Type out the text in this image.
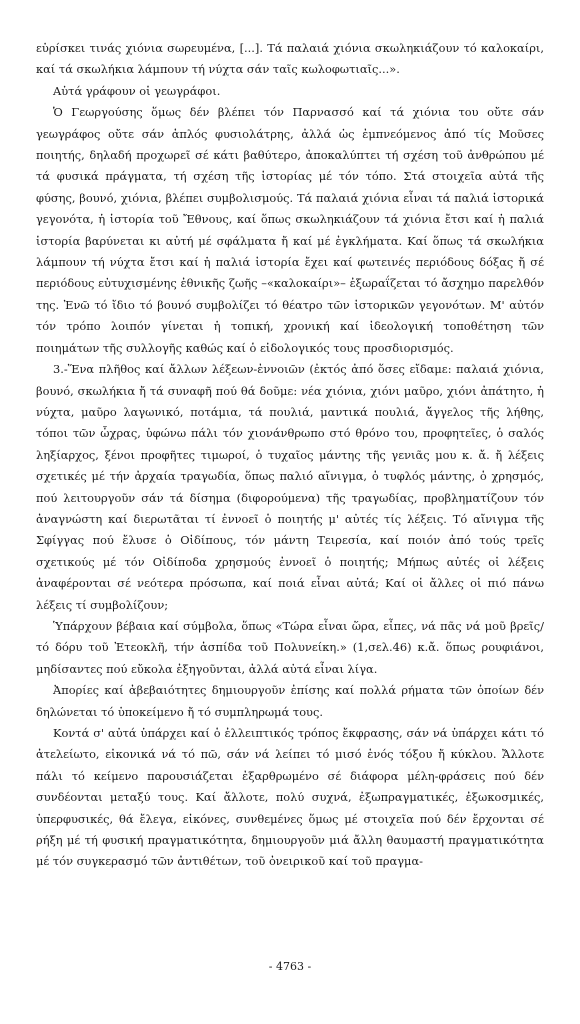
εὑρίσκει τινάς χιόνια σωρευμένα, [...]. Τά παλαιά χιόνια σκωληκιάζουν τό καλοκαίρι, καί τά σκωλήκια λάμπουν τή νύχτα σάν ταῖς κωλοφωτιαῖς...».

Αὐτά γράφουν οἱ γεωγράφοι.

Ὁ Γεωργούσης ὅμως δέν βλέπει τόν Παρνασσό καί τά χιόνια του οὔτε σάν γεωγράφος οὔτε σάν ἁπλός φυσιολάτρης, ἀλλά ὡς ἐμπνεόμενος ἀπό τίς Μοῦσες ποιητής, δηλαδή προχωρεῖ σέ κάτι βαθύτερο, ἀποκαλύπτει τή σχέση τοῦ ἀνθρώπου μέ τά φυσικά πράγματα, τή σχέση τῆς ἱστορίας μέ τόν τόπο. Στά στοιχεῖα αὐτά τῆς φύσης, βουνό, χιόνια, βλέπει συμβολισμούς. Τά παλαιά χιόνια εἶναι τά παλιά ἱστορικά γεγονότα, ἡ ἱστορία τοῦ Ἔθνους, καί ὅπως σκωληκιάζουν τά χιόνια ἔτσι καί ἡ παλιά ἱστορία βαρύνεται κι αὐτή μέ σφάλματα ἤ καί μέ ἐγκλήματα. Καί ὅπως τά σκωλήκια λάμπουν τή νύχτα ἔτσι καί ἡ παλιά ἱστορία ἔχει καί φωτεινές περιόδους δόξας ἤ σέ περιόδους εὐτυχισμένης ἐθνικῆς ζωῆς –«καλοκαίρι»– ἐξωραΐζεται τό ἄσχημο παρελθόν της. Ἐνῶ τό ἴδιο τό βουνό συμβολίζει τό θέατρο τῶν ἱστορικῶν γεγονότων. Μ' αὐτόν τόν τρόπο λοιπόν γίνεται ἡ τοπική, χρονική καί ἰδεολογική τοποθέτηση τῶν ποιημάτων τῆς συλλογῆς καθώς καί ὁ εἰδολογικός τους προσδιορισμός.

3.-Ἕνα πλῆθος καί ἄλλων λέξεων-ἐννοιῶν (ἐκτός ἀπό ὅσες εἴδαμε: παλαιά χιόνια, βουνό, σκωλήκια ἤ τά συναφῆ πού θά δοῦμε: νέα χιόνια, χιόνι μαῦρο, χιόνι ἀπάτητο, ἡ νύχτα, μαῦρο λαγωνικό, ποτάμια, τά πουλιά, μαντικά πουλιά, ἄγγελος τῆς λήθης, τόποι τῶν ὧχρας, ὑφώνω πάλι τόν χιονάνθρωπο στό θρόνο του, προφητεῖες, ὁ σαλός ληξίαρχος, ξένοι προφῆτες τιμωροί, ὁ τυχαῖος μάντης τῆς γενιᾶς μου κ. ἄ. ἤ λέξεις σχετικές μέ τήν ἀρχαία τραγωδία, ὅπως παλιό αἴνιγμα, ὁ τυφλός μάντης, ὁ χρησμός, πού λειτουργοῦν σάν τά δίσημα (διφορούμενα) τῆς τραγωδίας, προβληματίζουν τόν ἀναγνώστη καί διερωτᾶται τί ἐννοεῖ ὁ ποιητής μ' αὐτές τίς λέξεις. Τό αἴνιγμα τῆς Σφίγγας πού ἔλυσε ὁ Οἰδίπους, τόν μάντη Τειρεσία, καί ποιόν ἀπό τούς τρεῖς σχετικούς μέ τόν Οἰδίποδα χρησμούς ἐννοεῖ ὁ ποιητής; Μήπως αὐτές οἱ λέξεις ἀναφέρονται σέ νεότερα πρόσωπα, καί ποιά εἶναι αὐτά; Καί οἱ ἄλλες οἱ πιό πάνω λέξεις τί συμβολίζουν;

Ὑπάρχουν βέβαια καί σύμβολα, ὅπως «Τώρα εἶναι ὥρα, εἶπες, νά πᾶς νά μοῦ βρεῖς/τό δόρυ τοῦ Ἐτεοκλῆ, τήν ἀσπίδα τοῦ Πολυνείκη.» (1,σελ.46) κ.ἄ. ὅπως ρουφιάνοι, μηδίσαντες πού εὔκολα ἐξηγοῦνται, ἀλλά αὐτά εἶναι λίγα.

Ἀπορίες καί ἀβεβαιότητες δημιουργοῦν ἐπίσης καί πολλά ρήματα τῶν ὁποίων δέν δηλώνεται τό ὑποκείμενο ἤ τό συμπληρωμά τους.

Κοντά σ' αὐτά ὑπάρχει καί ὁ ἐλλειπτικός τρόπος ἔκφρασης, σάν νά ὑπάρχει κάτι τό ἀτελείωτο, εἰκονικά νά τό πῶ, σάν νά λείπει τό μισό ἑνός τόξου ἤ κύκλου. Ἄλλοτε πάλι τό κείμενο παρουσιάζεται ἐξαρθρωμένο σέ διάφορα μέλη-φράσεις πού δέν συνδέονται μεταξύ τους. Καί ἄλλοτε, πολύ συχνά, ἐξωπραγματικές, ἐξωκοσμικές, ὑπερφυσικές, θά ἔλεγα, εἰκόνες, συνθεμένες ὅμως μέ στοιχεῖα πού δέν ἔρχονται σέ ρήξη μέ τή φυσική πραγματικότητα, δημιουργοῦν μιά ἄλλη θαυμαστή πραγματικότητα μέ τόν συγκερασμό τῶν ἀντιθέτων, τοῦ ὀνειρικοῦ καί τοῦ πραγμα-

- 4763 -
